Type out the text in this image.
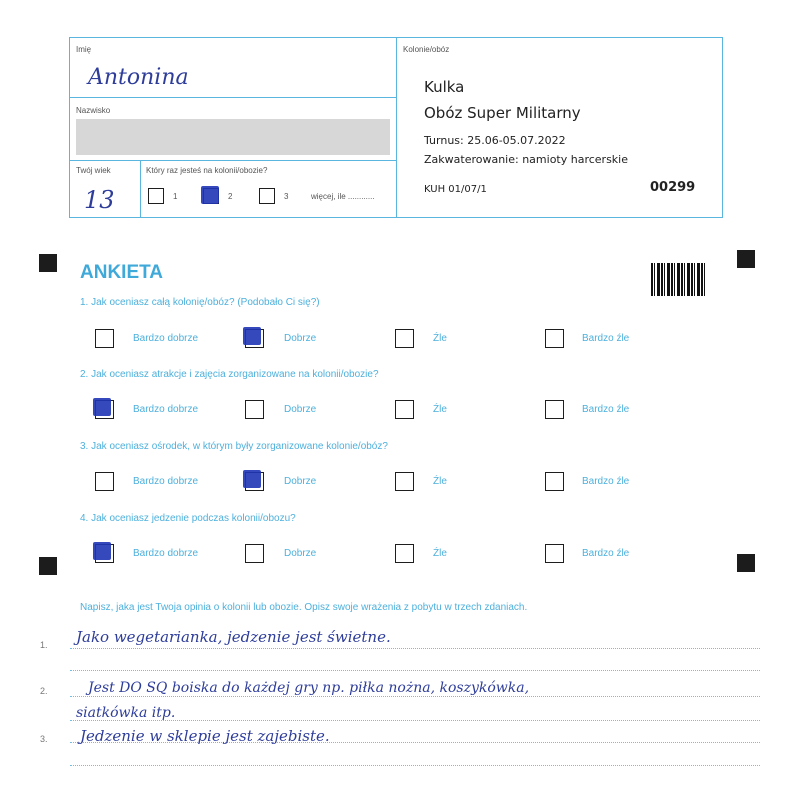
Imię
Antonina
Nazwisko
Twój wiek
13
Który raz jesteś na kolonii/obozie?
1	2	3	więcej, ile ............
Kolonie/obóz
Kulka
Obóz Super Militarny
Turnus: 25.06-05.07.2022
Zakwaterowanie: namioty harcerskie
KUH 01/07/1	00299
ANKIETA
1. Jak oceniasz całą kolonię/obóz? (Podobało Ci się?)
Bardzo dobrze	Dobrze	Źle	Bardzo źle
2. Jak oceniasz atrakcje i zajęcia zorganizowane na kolonii/obozie?
Bardzo dobrze	Dobrze	Źle	Bardzo źle
3. Jak oceniasz ośrodek, w którym były zorganizowane kolonie/obóz?
Bardzo dobrze	Dobrze	Źle	Bardzo źle
4. Jak oceniasz jedzenie podczas kolonii/obozu?
Bardzo dobrze	Dobrze	Źle	Bardzo źle
Napisz, jaka jest Twoja opinia o kolonii lub obozie. Opisz swoje wrażenia z pobytu w trzech zdaniach.
1.
2.
3.
Jako wegetarianka, jedzenie jest świetne.
Jest DO SQ boiska do każdej gry np. piłka nożna, koszykówka,
siatkówka itp.
Jedzenie w sklepie jest zajebiste.
